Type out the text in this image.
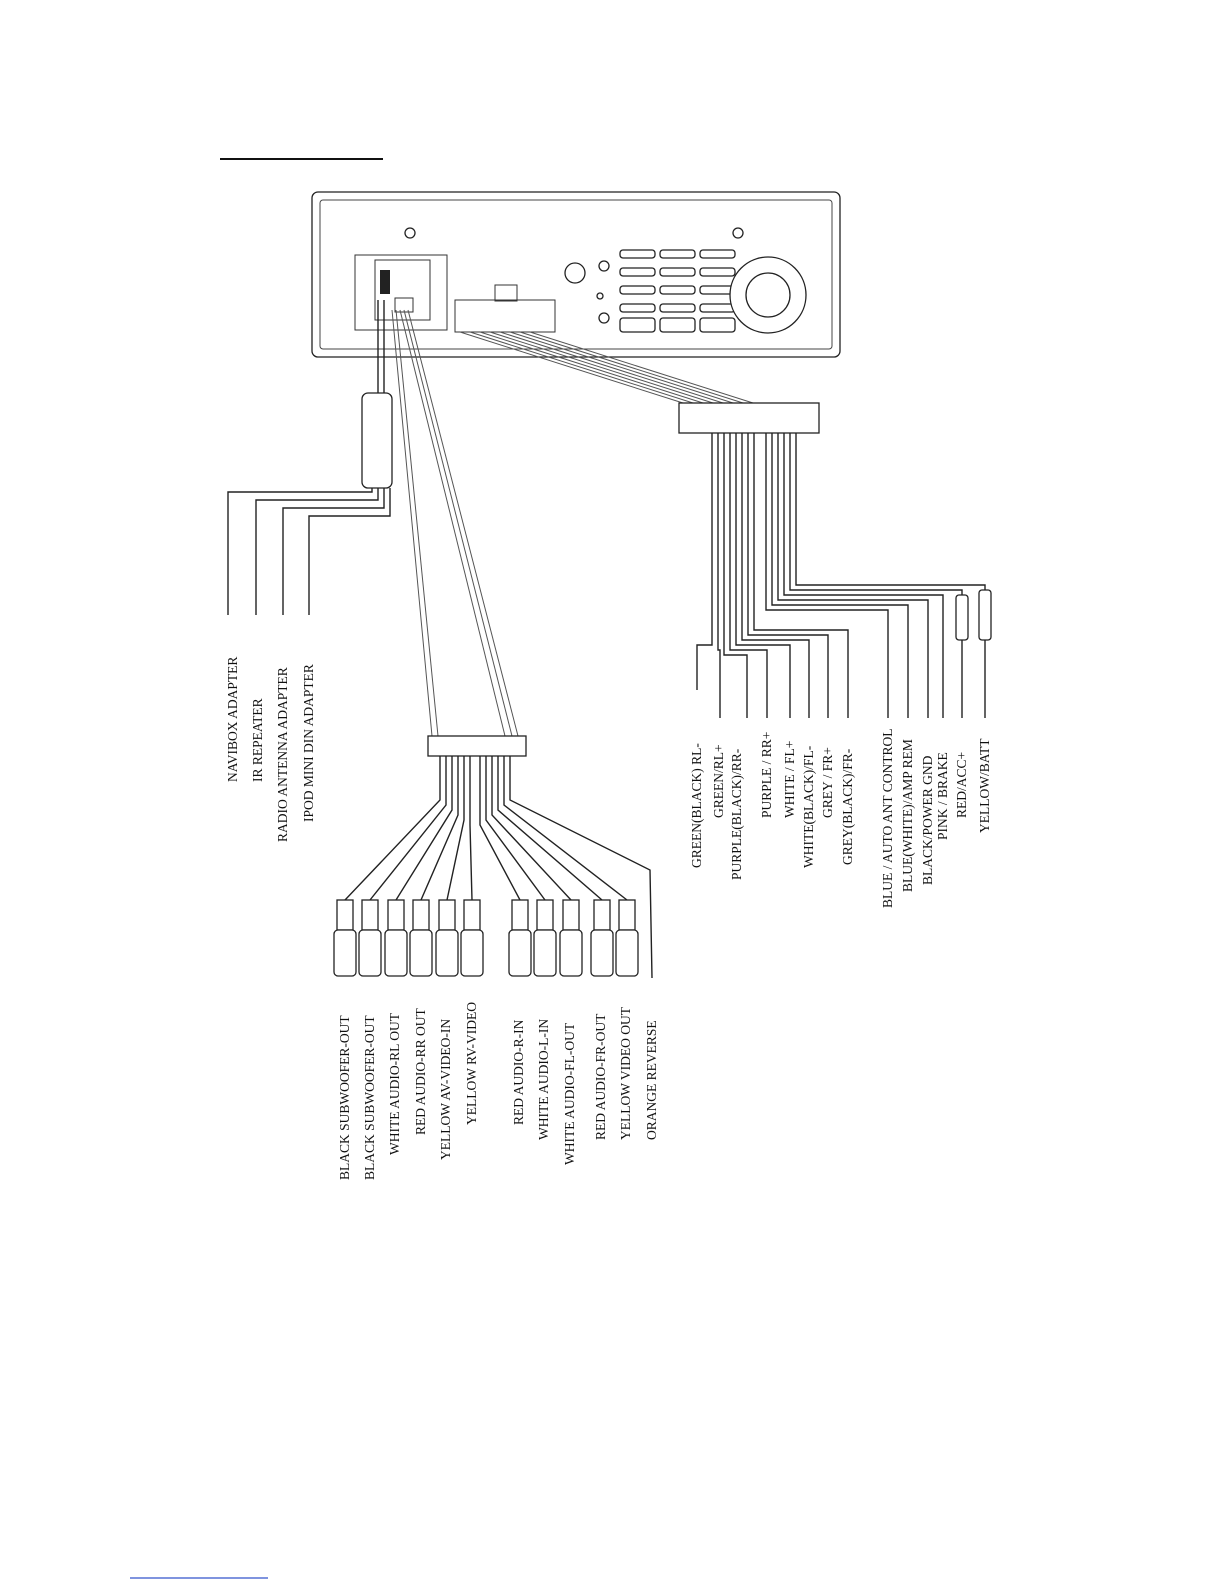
NAVIBOX ADAPTER IR REPEATER RADIO ANTENNA ADAPTER IPOD MINI DIN ADAPTER
BLACK SUBWOOFER-OUT BLACK SUBWOOFER-OUT WHITE AUDIO-RL OUT RED AUDIO-RR OUT YELLOW AV-VIDEO-IN YELLOW RV-VIDEO RED AUDIO-R-IN WHITE AUDIO-L-IN WHITE AUDIO-FL-OUT RED AUDIO-FR-OUT YELLOW VIDEO OUT ORANGE REVERSE
GREEN(BLACK) RL- GREEN/RL+ PURPLE(BLACK)/RR- PURPLE / RR+ WHITE / FL+ WHITE(BLACK)/FL- GREY / FR+ GREY(BLACK)/FR- BLUE / AUTO ANT CONTROL BLUE(WHITE)/AMP REM BLACK/POWER GND PINK / BRAKE RED/ACC+ YELLOW/BATT
